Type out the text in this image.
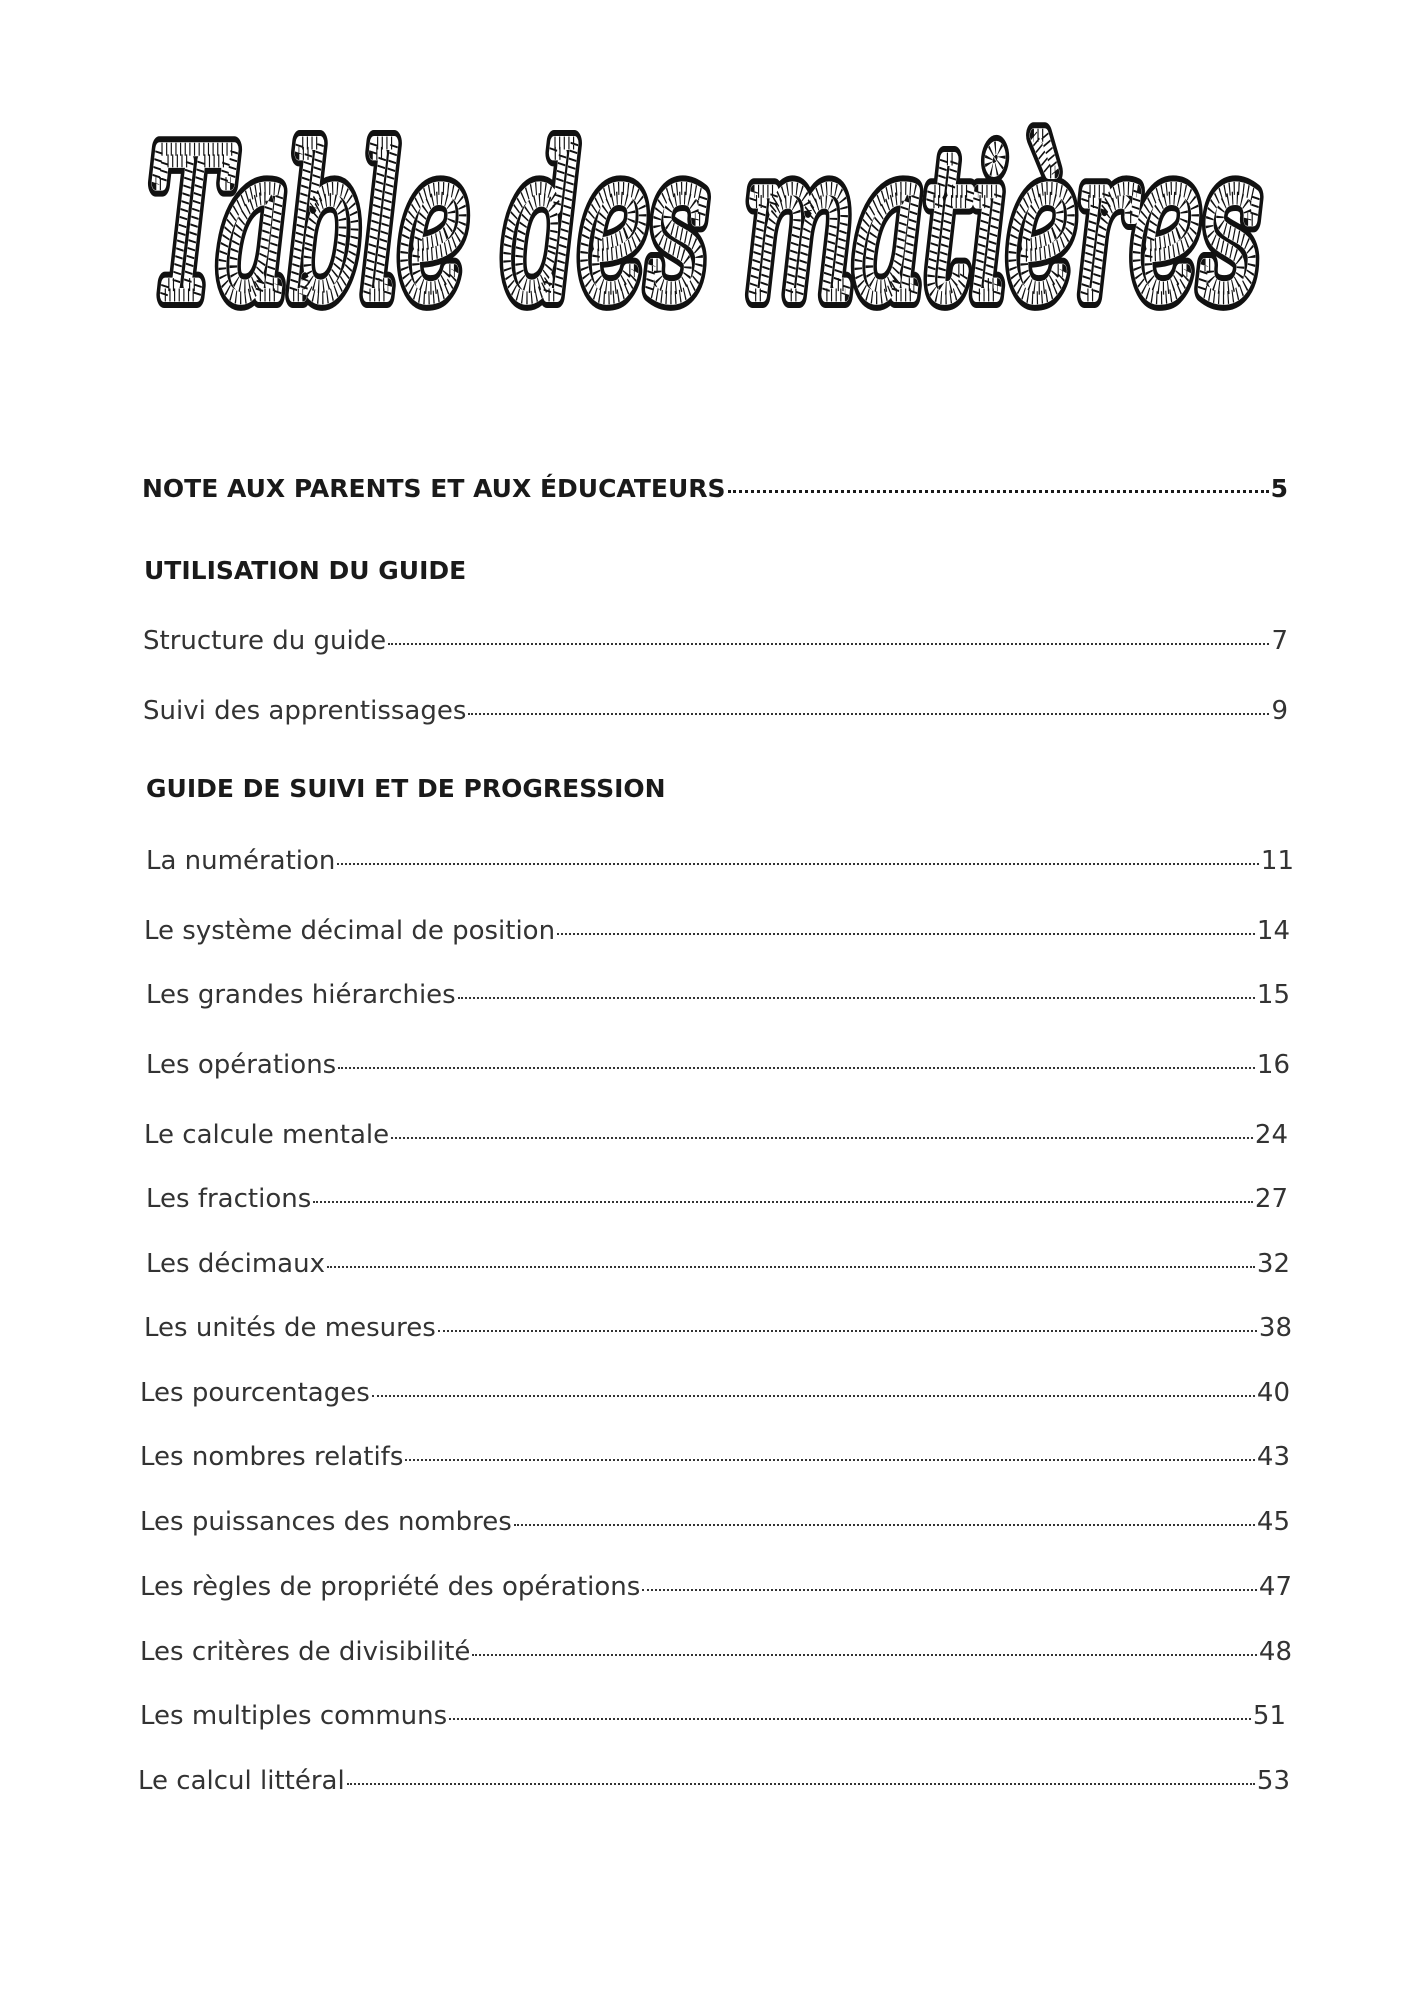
Table des matières
Table des matières
Table des matières
NOTE AUX PARENTS ET AUX ÉDUCATEURS	5
UTILISATION DU GUIDE
Structure du guide	7
Suivi des apprentissages	9
GUIDE DE SUIVI ET DE PROGRESSION
La numération	11
Le système décimal de position	14
Les grandes hiérarchies	15
Les opérations	16
Le calcule mentale	24
Les fractions	27
Les décimaux	32
Les unités de mesures	38
Les pourcentages	40
Les nombres relatifs	43
Les puissances des nombres	45
Les règles de propriété des opérations	47
Les critères de divisibilité	48
Les multiples communs	51
Le calcul littéral	53
